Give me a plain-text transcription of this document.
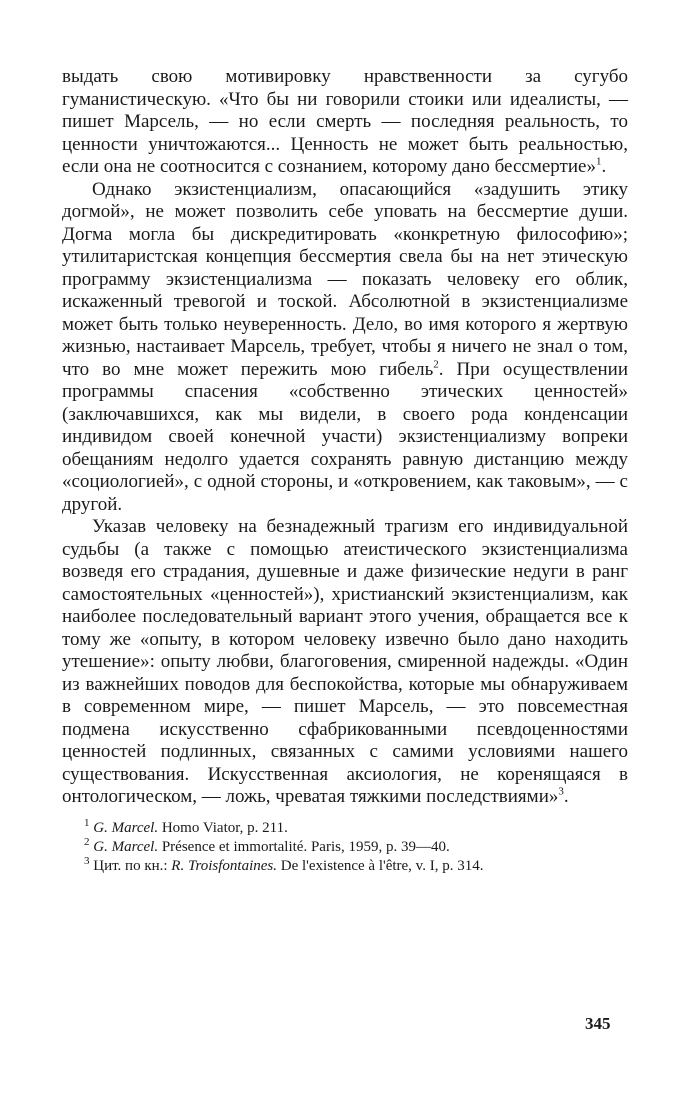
выдать свою мотивировку нравственности за сугубо гуманистическую. «Что бы ни говорили стоики или идеалисты, — пишет Марсель, — но если смерть — последняя реальность, то ценности уничтожаются... Ценность не может быть реальностью, если она не соотносится с сознанием, которому дано бессмертие»$^1$.

Однако экзистенциализм, опасающийся «задушить этику догмой», не может позволить себе уповать на бессмертие души. Догма могла бы дискредитировать «конкретную философию»; утилитаристская концепция бессмертия свела бы на нет этическую программу экзистенциализма — показать человеку его облик, искаженный тревогой и тоской. Абсолютной в экзистенциализме может быть только неуверенность. Дело, во имя которого я жертвую жизнью, настаивает Марсель, требует, чтобы я ничего не знал о том, что во мне может пережить мою гибель$^2$. При осуществлении программы спасения «собственно этических ценностей» (заключавшихся, как мы видели, в своего рода конденсации индивидом своей конечной участи) экзистенциализму вопреки обещаниям недолго удается сохранять равную дистанцию между «социологией», с одной стороны, и «откровением, как таковым», — с другой.

Указав человеку на безнадежный трагизм его индивидуальной судьбы (а также с помощью атеистического экзистенциализма возведя его страдания, душевные и даже физические недуги в ранг самостоятельных «ценностей»), христианский экзистенциализм, как наиболее последовательный вариант этого учения, обращается все к тому же «опыту, в котором человеку извечно было дано находить утешение»: опыту любви, благоговения, смиренной надежды. «Один из важнейших поводов для беспокойства, которые мы обнаруживаем в современном мире, — пишет Марсель, — это повсеместная подмена искусственно сфабрикованными псевдоценностями ценностей подлинных, связанных с самими условиями нашего существования. Искусственная аксиология, не коренящаяся в онтологическом, — ложь, чреватая тяжкими последствиями»$^3$.

$^1$ G. Marcel. Homo Viator, p. 211.

$^2$ G. Marcel. Présence et immortalité. Paris, 1959, p. 39—40.

$^3$ Цит. по кн.: R. Troisfontaines. De l'existence à l'être, v. I, p. 314.

345
